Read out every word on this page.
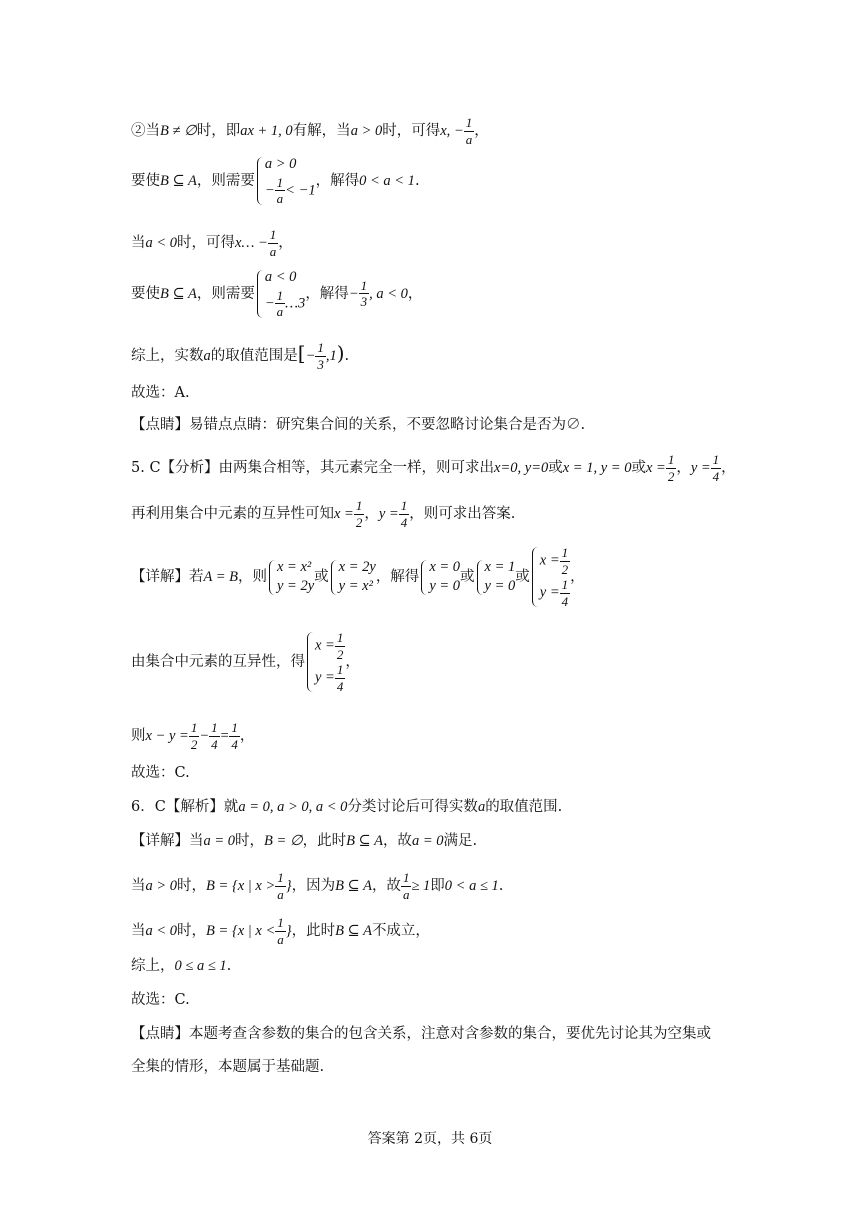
②当B ≠ ∅时，即ax + 1, 0有解，当a > 0时，可得x, − $\frac{1}{a}$ ，
要使B ⊆ A，则需要
a > 0
− $\frac{1}{a} < -1$
，解得0 < a < 1.
当a < 0时，可得x… − $\frac{1}{a}$ ，
要使B ⊆ A，则需要
a < 0
− $\frac{1}{a}$ …3
，解得− $\frac{1}{3}$ , a < 0，
综上，实数a的取值范围是[− $\frac{1}{3} ,1$).
故选：A.
【点睛】易错点点睛：研究集合间的关系，不要忽略讨论集合是否为∅.
5. C【分析】由两集合相等，其元素完全一样，则可求出x=0, y=0或x = 1, y = 0或$x = \frac{1}{2}$ ，$y = \frac{1}{4}$ ，
再利用集合中元素的互异性可知$x = \frac{1}{2}$ ，$y = \frac{1}{4}$ ，则可求出答案.
【详解】若A = B，则
x = x²
y = 2y
或
x = 2y
y = x²
，解得
x = 0
y = 0
或
x = 1
y = 0
或
$x = \frac{1}{2}$
$y = \frac{1}{4}$ ，
由集合中元素的互异性，得
$x = \frac{1}{2}$
$y = \frac{1}{4}$ ，
则$x - y = \frac{1}{2} - \frac{1}{4} = \frac{1}{4}$ ，
故选：C.
6．C【解析】就a = 0, a > 0, a < 0分类讨论后可得实数a的取值范围.
【详解】当a = 0时，B = ∅，此时B ⊆ A，故a = 0满足.
当a > 0时，B = {x | $x > \frac{1}{a}$ }，因为B ⊆ A，故 $\frac{1}{a} \ge 1$即0 < a ≤ 1.
当a < 0时，B = {x | $x < \frac{1}{a}$ }，此时B ⊆ A不成立，
综上，0 ≤ a ≤ 1.
故选：C.
【点睛】本题考查含参数的集合的包含关系，注意对含参数的集合，要优先讨论其为空集或
全集的情形，本题属于基础题.
答案第 2页，共 6页
